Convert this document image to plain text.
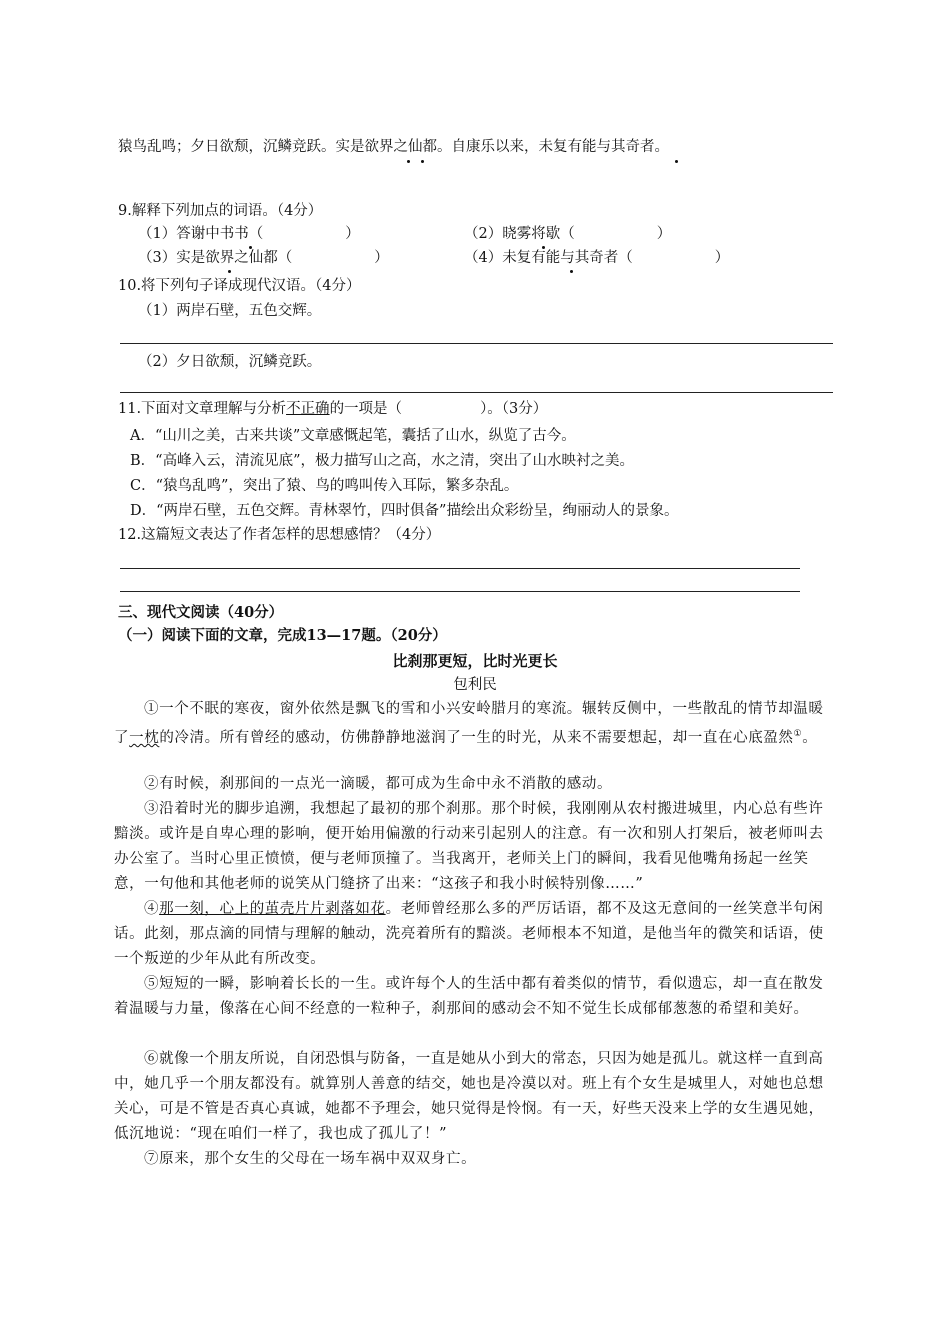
猿鸟乱鸣；夕日欲颓，沉鳞竞跃。实是欲界之仙都。自康乐以来，未复有能与其奇者。
9.解释下列加点的词语。（4分）
（1）答谢中书书（	）	（2）晓雾将歇（	）
（3）实是欲界之仙都（	）	（4）未复有能与其奇者（	）
10.将下列句子译成现代汉语。（4分）
（1）两岸石壁，五色交辉。
（2）夕日欲颓，沉鳞竞跃。
11.下面对文章理解与分析不正确的一项是（	）。（3分）
A．“山川之美，古来共谈”文章感慨起笔，囊括了山水，纵览了古今。
B．“高峰入云，清流见底”，极力描写山之高，水之清，突出了山水映衬之美。
C．“猿鸟乱鸣”，突出了猿、鸟的鸣叫传入耳际，繁多杂乱。
D．“两岸石壁，五色交辉。青林翠竹，四时俱备”描绘出众彩纷呈，绚丽动人的景象。
12.这篇短文表达了作者怎样的思想感情？（4分）
三、现代文阅读（40分）
（一）阅读下面的文章，完成13—17题。（20分）
比刹那更短，比时光更长
包利民
①一个不眠的寒夜，窗外依然是飘飞的雪和小兴安岭腊月的寒流。辗转反侧中，一些散乱的情节却温暖了一枕的冷清。所有曾经的感动，仿佛静静地滋润了一生的时光，从来不需要想起，却一直在心底盈然①。
②有时候，刹那间的一点光一滴暖，都可成为生命中永不消散的感动。
③沿着时光的脚步追溯，我想起了最初的那个刹那。那个时候，我刚刚从农村搬进城里，内心总有些许黯淡。或许是自卑心理的影响，便开始用偏激的行动来引起别人的注意。有一次和别人打架后，被老师叫去办公室了。当时心里正愤愤，便与老师顶撞了。当我离开，老师关上门的瞬间，我看见他嘴角扬起一丝笑意，一句他和其他老师的说笑从门缝挤了出来：“这孩子和我小时候特别像……”
④那一刻，心上的茧壳片片剥落如花。老师曾经那么多的严厉话语，都不及这无意间的一丝笑意半句闲话。此刻，那点滴的同情与理解的触动，洗亮着所有的黯淡。老师根本不知道，是他当年的微笑和话语，使一个叛逆的少年从此有所改变。
⑤短短的一瞬，影响着长长的一生。或许每个人的生活中都有着类似的情节，看似遗忘，却一直在散发着温暖与力量，像落在心间不经意的一粒种子，刹那间的感动会不知不觉生长成郁郁葱葱的希望和美好。
⑥就像一个朋友所说，自闭恐惧与防备，一直是她从小到大的常态，只因为她是孤儿。就这样一直到高中，她几乎一个朋友都没有。就算别人善意的结交，她也是冷漠以对。班上有个女生是城里人，对她也总想关心，可是不管是否真心真诚，她都不予理会，她只觉得是怜悯。有一天，好些天没来上学的女生遇见她，低沉地说：“现在咱们一样了，我也成了孤儿了！”
⑦原来，那个女生的父母在一场车祸中双双身亡。
